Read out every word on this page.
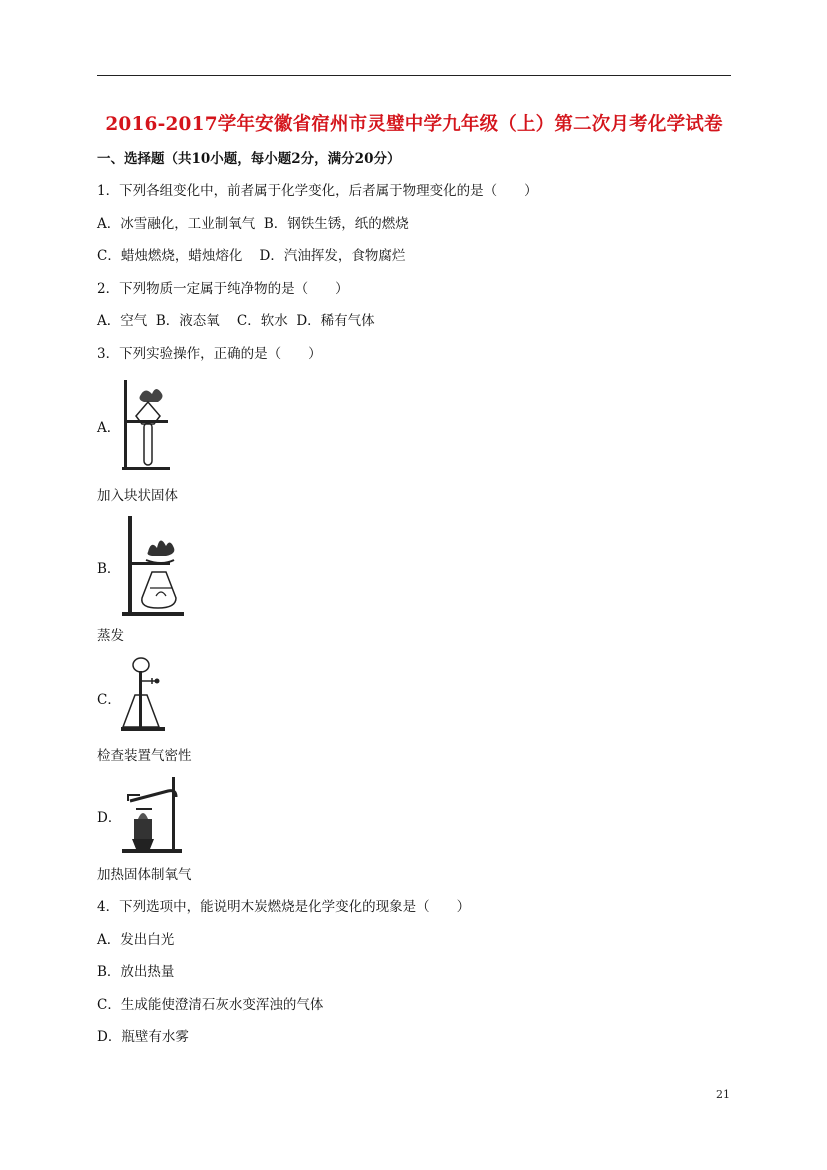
2016-2017学年安徽省宿州市灵璧中学九年级（上）第二次月考化学试卷
一、选择题（共10小题，每小题2分，满分20分）
1．下列各组变化中，前者属于化学变化，后者属于物理变化的是（　　）
A．冰雪融化，工业制氧气  B．钢铁生锈，纸的燃烧
C．蜡烛燃烧，蜡烛熔化    D．汽油挥发，食物腐烂
2．下列物质一定属于纯净物的是（　　）
A．空气  B．液态氧    C．软水  D．稀有气体
3．下列实验操作，正确的是（　　）
A．
加入块状固体
B．
蒸发
C．
检查装置气密性
D．
加热固体制氧气
4．下列选项中，能说明木炭燃烧是化学变化的现象是（　　）
A．发出白光
B．放出热量
C．生成能使澄清石灰水变浑浊的气体
D．瓶壁有水雾
21
